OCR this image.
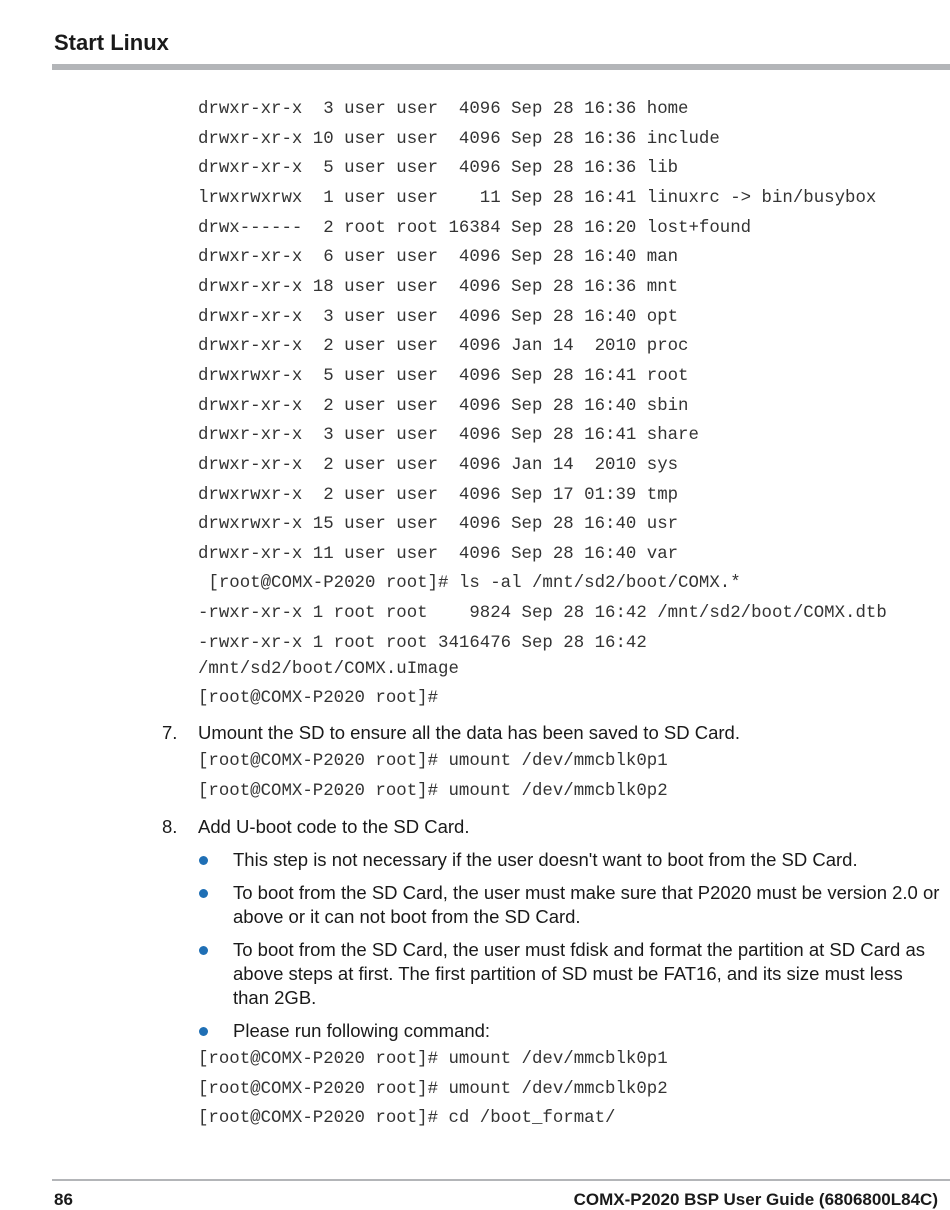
Start Linux
drwxr-xr-x  3 user user  4096 Sep 28 16:36 home
drwxr-xr-x 10 user user  4096 Sep 28 16:36 include
drwxr-xr-x  5 user user  4096 Sep 28 16:36 lib
lrwxrwxrwx  1 user user    11 Sep 28 16:41 linuxrc -> bin/busybox
drwx------  2 root root 16384 Sep 28 16:20 lost+found
drwxr-xr-x  6 user user  4096 Sep 28 16:40 man
drwxr-xr-x 18 user user  4096 Sep 28 16:36 mnt
drwxr-xr-x  3 user user  4096 Sep 28 16:40 opt
drwxr-xr-x  2 user user  4096 Jan 14  2010 proc
drwxrwxr-x  5 user user  4096 Sep 28 16:41 root
drwxr-xr-x  2 user user  4096 Sep 28 16:40 sbin
drwxr-xr-x  3 user user  4096 Sep 28 16:41 share
drwxr-xr-x  2 user user  4096 Jan 14  2010 sys
drwxrwxr-x  2 user user  4096 Sep 17 01:39 tmp
drwxrwxr-x 15 user user  4096 Sep 28 16:40 usr
drwxr-xr-x 11 user user  4096 Sep 28 16:40 var
[root@COMX-P2020 root]# ls -al /mnt/sd2/boot/COMX.*
-rwxr-xr-x 1 root root    9824 Sep 28 16:42 /mnt/sd2/boot/COMX.dtb
-rwxr-xr-x 1 root root 3416476 Sep 28 16:42
/mnt/sd2/boot/COMX.uImage
[root@COMX-P2020 root]#
7. Umount the SD to ensure all the data has been saved to SD Card.
[root@COMX-P2020 root]# umount /dev/mmcblk0p1
[root@COMX-P2020 root]# umount /dev/mmcblk0p2
8. Add U-boot code to the SD Card.
This step is not necessary if the user doesn't want to boot from the SD Card.
To boot from the SD Card, the user must make sure that P2020 must be version 2.0 or above or it can not boot from the SD Card.
To boot from the SD Card, the user must fdisk and format the partition at SD Card as above steps at first. The first partition of SD must be FAT16, and its size must less than 2GB.
Please run following command:
[root@COMX-P2020 root]# umount /dev/mmcblk0p1
[root@COMX-P2020 root]# umount /dev/mmcblk0p2
[root@COMX-P2020 root]# cd /boot_format/
86	COMX-P2020 BSP User Guide (6806800L84C)
